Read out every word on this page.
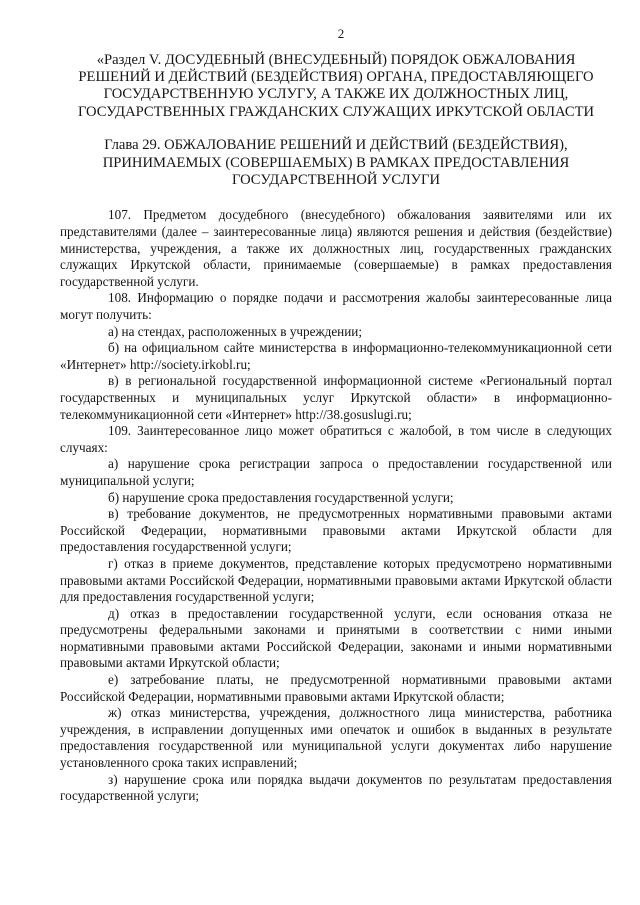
2
«Раздел V. ДОСУДЕБНЫЙ (ВНЕСУДЕБНЫЙ) ПОРЯДОК ОБЖАЛОВАНИЯ РЕШЕНИЙ И ДЕЙСТВИЙ (БЕЗДЕЙСТВИЯ) ОРГАНА, ПРЕДОСТАВЛЯЮЩЕГО ГОСУДАРСТВЕННУЮ УСЛУГУ, А ТАКЖЕ ИХ ДОЛЖНОСТНЫХ ЛИЦ, ГОСУДАРСТВЕННЫХ ГРАЖДАНСКИХ СЛУЖАЩИХ ИРКУТСКОЙ ОБЛАСТИ
Глава 29. ОБЖАЛОВАНИЕ РЕШЕНИЙ И ДЕЙСТВИЙ (БЕЗДЕЙСТВИЯ), ПРИНИМАЕМЫХ (СОВЕРШАЕМЫХ) В РАМКАХ ПРЕДОСТАВЛЕНИЯ ГОСУДАРСТВЕННОЙ УСЛУГИ

107. Предметом досудебного (внесудебного) обжалования заявителями или их представителями (далее – заинтересованные лица) являются решения и действия (бездействие) министерства, учреждения, а также их должностных лиц, государственных гражданских служащих Иркутской области, принимаемые (совершаемые) в рамках предоставления государственной услуги.

108. Информацию о порядке подачи и рассмотрения жалобы заинтересованные лица могут получить:

а) на стендах, расположенных в учреждении;

б) на официальном сайте министерства в информационно-телекоммуникационной сети «Интернет» http://society.irkobl.ru;

в) в региональной государственной информационной системе «Региональный портал государственных и муниципальных услуг Иркутской области» в информационно-телекоммуникационной сети «Интернет» http://38.gosuslugi.ru;

109. Заинтересованное лицо может обратиться с жалобой, в том числе в следующих случаях:

а) нарушение срока регистрации запроса о предоставлении государственной или муниципальной услуги;

б) нарушение срока предоставления государственной услуги;

в) требование документов, не предусмотренных нормативными правовыми актами Российской Федерации, нормативными правовыми актами Иркутской области для предоставления государственной услуги;

г) отказ в приеме документов, представление которых предусмотрено нормативными правовыми актами Российской Федерации, нормативными правовыми актами Иркутской области для предоставления государственной услуги;

д) отказ в предоставлении государственной услуги, если основания отказа не предусмотрены федеральными законами и принятыми в соответствии с ними иными нормативными правовыми актами Российской Федерации, законами и иными нормативными правовыми актами Иркутской области;

е) затребование платы, не предусмотренной нормативными правовыми актами Российской Федерации, нормативными правовыми актами Иркутской области;

ж) отказ министерства, учреждения, должностного лица министерства, работника учреждения, в исправлении допущенных ими опечаток и ошибок в выданных в результате предоставления государственной или муниципальной услуги документах либо нарушение установленного срока таких исправлений;

з) нарушение срока или порядка выдачи документов по результатам предоставления государственной услуги;
